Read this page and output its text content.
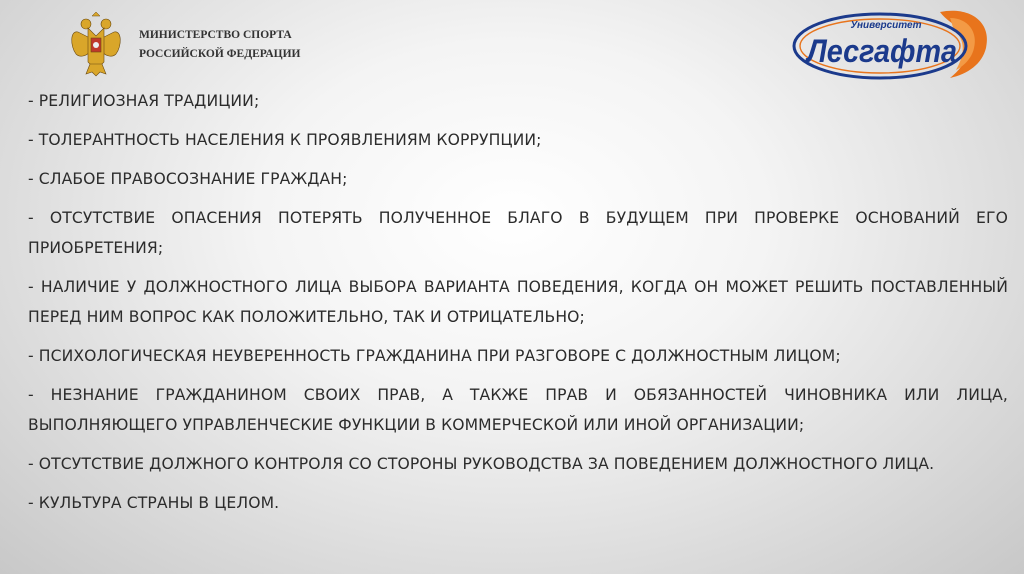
МИНИСТЕРСТВО СПОРТА
РОССИЙСКОЙ ФЕДЕРАЦИИ
Университет
Лесгафта
- РЕЛИГИОЗНАЯ ТРАДИЦИИ;
- ТОЛЕРАНТНОСТЬ НАСЕЛЕНИЯ К ПРОЯВЛЕНИЯМ КОРРУПЦИИ;
- СЛАБОЕ ПРАВОСОЗНАНИЕ ГРАЖДАН;
- ОТСУТСТВИЕ ОПАСЕНИЯ ПОТЕРЯТЬ ПОЛУЧЕННОЕ БЛАГО В БУДУЩЕМ ПРИ ПРОВЕРКЕ ОСНОВАНИЙ ЕГО ПРИОБРЕТЕНИЯ;
- НАЛИЧИЕ У ДОЛЖНОСТНОГО ЛИЦА ВЫБОРА ВАРИАНТА ПОВЕДЕНИЯ, КОГДА ОН МОЖЕТ РЕШИТЬ ПОСТАВЛЕННЫЙ ПЕРЕД НИМ ВОПРОС КАК ПОЛОЖИТЕЛЬНО, ТАК И ОТРИЦАТЕЛЬНО;
- ПСИХОЛОГИЧЕСКАЯ НЕУВЕРЕННОСТЬ ГРАЖДАНИНА ПРИ РАЗГОВОРЕ С ДОЛЖНОСТНЫМ ЛИЦОМ;
- НЕЗНАНИЕ ГРАЖДАНИНОМ СВОИХ ПРАВ, А ТАКЖЕ ПРАВ И ОБЯЗАННОСТЕЙ ЧИНОВНИКА ИЛИ ЛИЦА, ВЫПОЛНЯЮЩЕГО УПРАВЛЕНЧЕСКИЕ ФУНКЦИИ В КОММЕРЧЕСКОЙ ИЛИ ИНОЙ ОРГАНИЗАЦИИ;
- ОТСУТСТВИЕ ДОЛЖНОГО КОНТРОЛЯ СО СТОРОНЫ РУКОВОДСТВА ЗА ПОВЕДЕНИЕМ ДОЛЖНОСТНОГО ЛИЦА.
- КУЛЬТУРА СТРАНЫ В ЦЕЛОМ.
